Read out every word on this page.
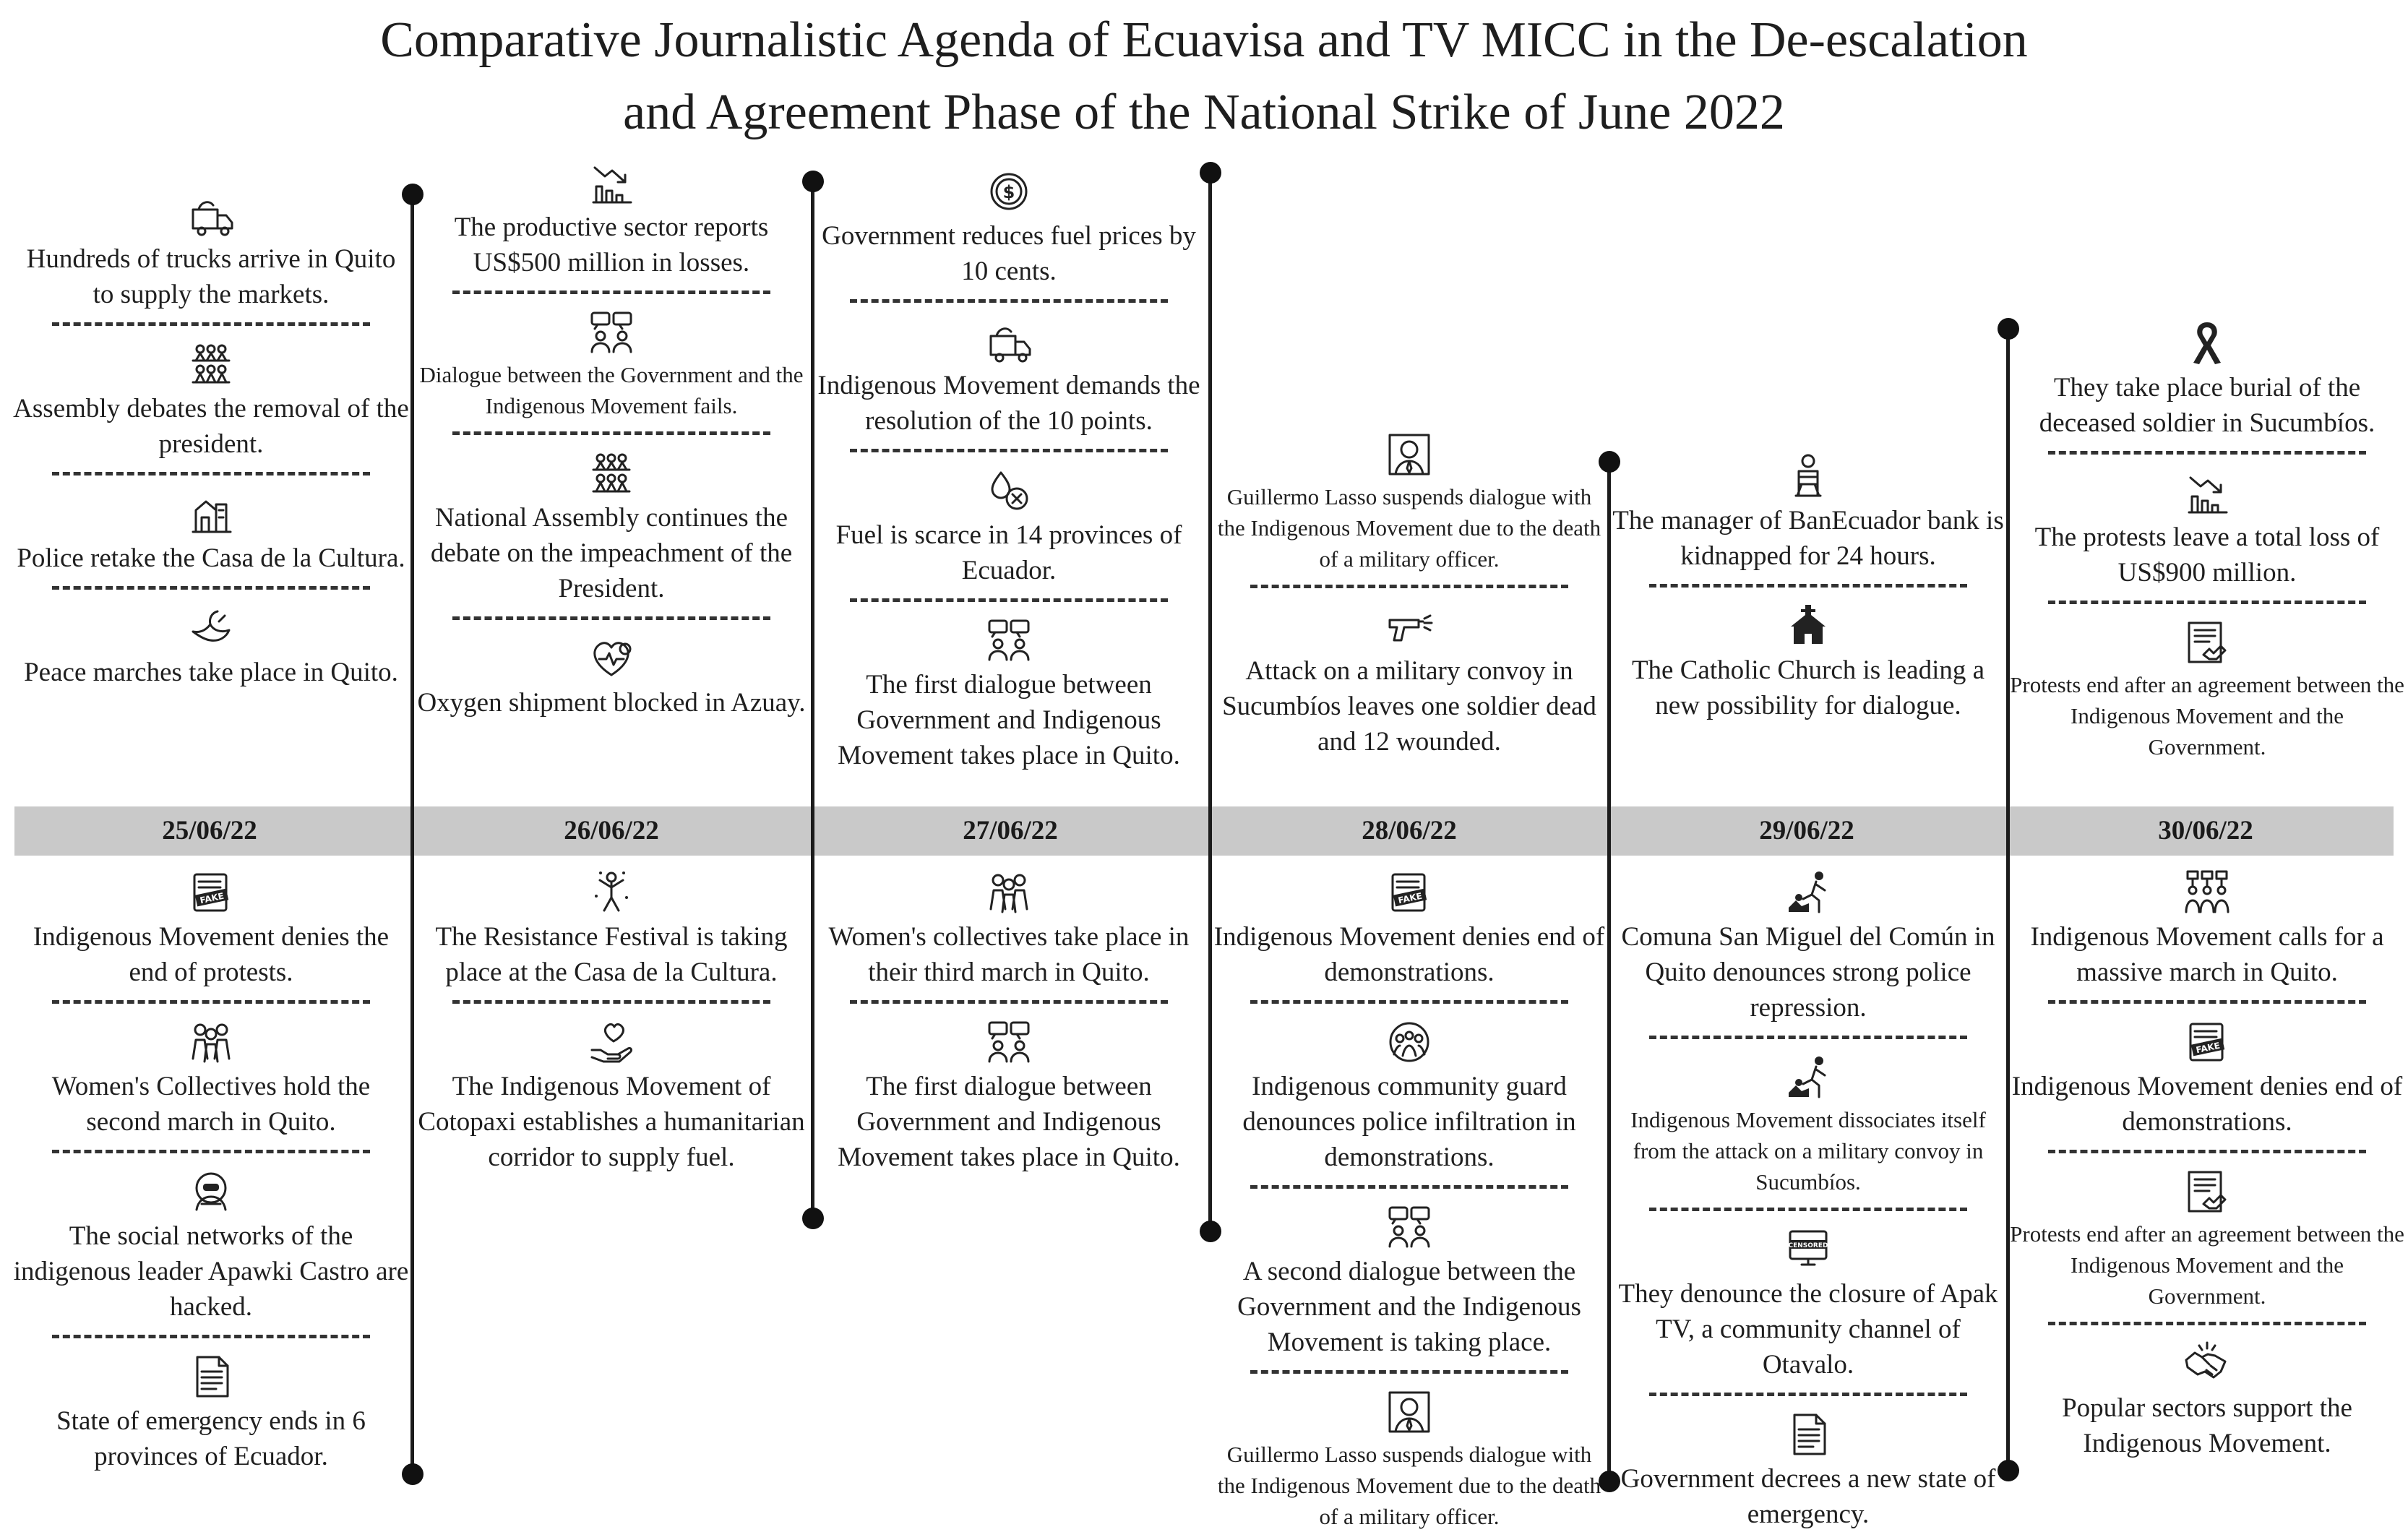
Comparative Journalistic Agenda of Ecuavisa and TV MICC in the De-escalation
and Agreement Phase of the National Strike of June 2022
25/06/22	26/06/22	27/06/22	28/06/22	29/06/22	30/06/22
Hundreds of trucks arrive in Quito to supply the markets.
Assembly debates the removal of the president.
Police retake the Casa de la Cultura.
Peace marches take place in Quito.
FAKE
Indigenous Movement denies the end of protests.
Women's Collectives hold the second march in Quito.
The social networks of the indigenous leader Apawki Castro are hacked.
State of emergency ends in 6 provinces of Ecuador.
The productive sector reports US$500 million in losses.
Dialogue between the Government and the Indigenous Movement fails.
National Assembly continues the debate on the impeachment of the President.
Oxygen shipment blocked in Azuay.
The Resistance Festival is taking place at the Casa de la Cultura.
The Indigenous Movement of Cotopaxi establishes a humanitarian corridor to supply fuel.
$
Government reduces fuel prices by 10 cents.
Indigenous Movement demands the resolution of the 10 points.
Fuel is scarce in 14 provinces of Ecuador.
The first dialogue between Government and Indigenous Movement takes place in Quito.
Women's collectives take place in their third march in Quito.
The first dialogue between Government and Indigenous Movement takes place in Quito.
Guillermo Lasso suspends dialogue with the Indigenous Movement due to the death of a military officer.
Attack on a military convoy in Sucumbíos leaves one soldier dead and 12 wounded.
FAKE
Indigenous Movement denies end of demonstrations.
Indigenous community guard denounces police infiltration in demonstrations.
A second dialogue between the Government and the Indigenous Movement is taking place.
Guillermo Lasso suspends dialogue with the Indigenous Movement due to the death of a military officer.
The manager of BanEcuador bank is kidnapped for 24 hours.
The Catholic Church is leading a new possibility for dialogue.
Comuna San Miguel del Común in Quito denounces strong police repression.
Indigenous Movement dissociates itself from the attack on a military convoy in Sucumbíos.
CENSORED
They denounce the closure of Apak TV, a community channel of Otavalo.
Government decrees a new state of emergency.
They take place burial of the deceased soldier in Sucumbíos.
The protests leave a total loss of US$900 million.
Protests end after an agreement between the Indigenous Movement and the Government.
Indigenous Movement calls for a massive march in Quito.
FAKE
Indigenous Movement denies end of demonstrations.
Protests end after an agreement between the Indigenous Movement and the Government.
Popular sectors support the Indigenous Movement.
